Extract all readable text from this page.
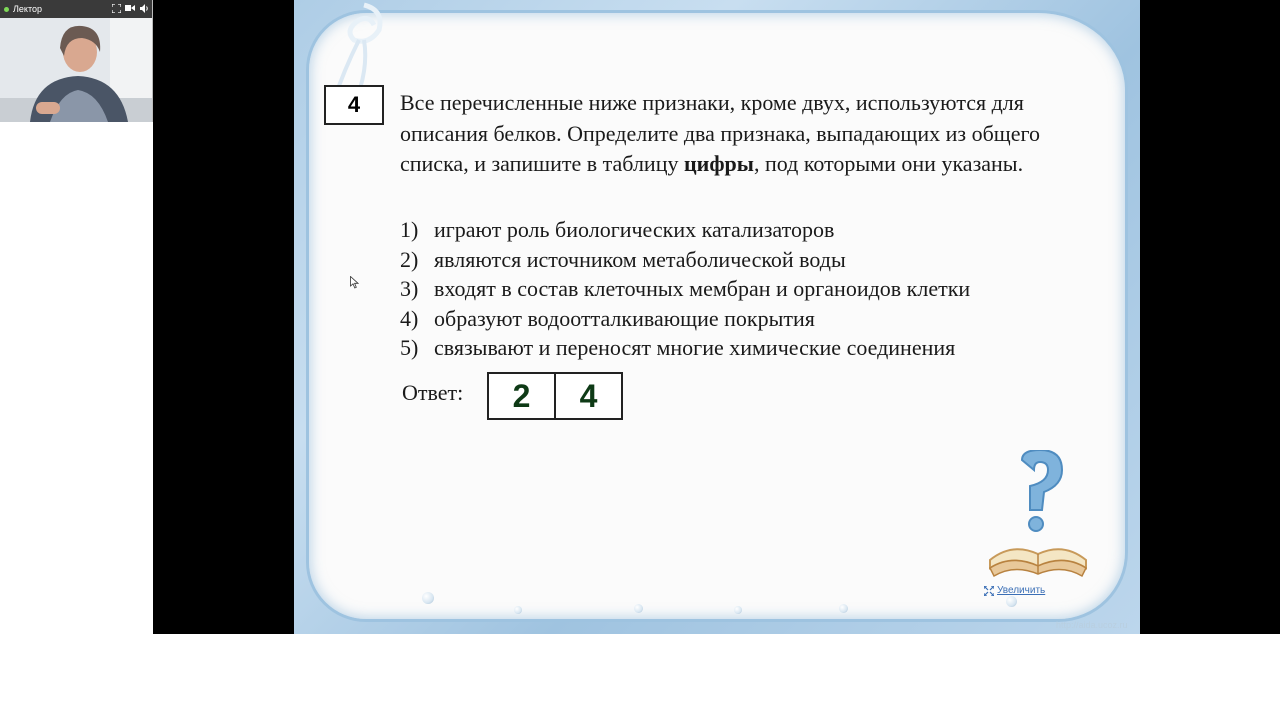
Лектор
4	Все перечисленные ниже признаки, кроме двух, используются для описания белков. Определите два признака, выпадающих из общего списка, и запишите в таблицу цифры, под которыми они указаны.
1) играют роль биологических катализаторов
2) являются источником метаболической воды
3) входят в состав клеточных мембран и органоидов клетки
4) образуют водоотталкивающие покрытия
5) связывают и переносят многие химические соединения
Ответ:	2	4
Увеличить
http://aida.ucoz.ru
